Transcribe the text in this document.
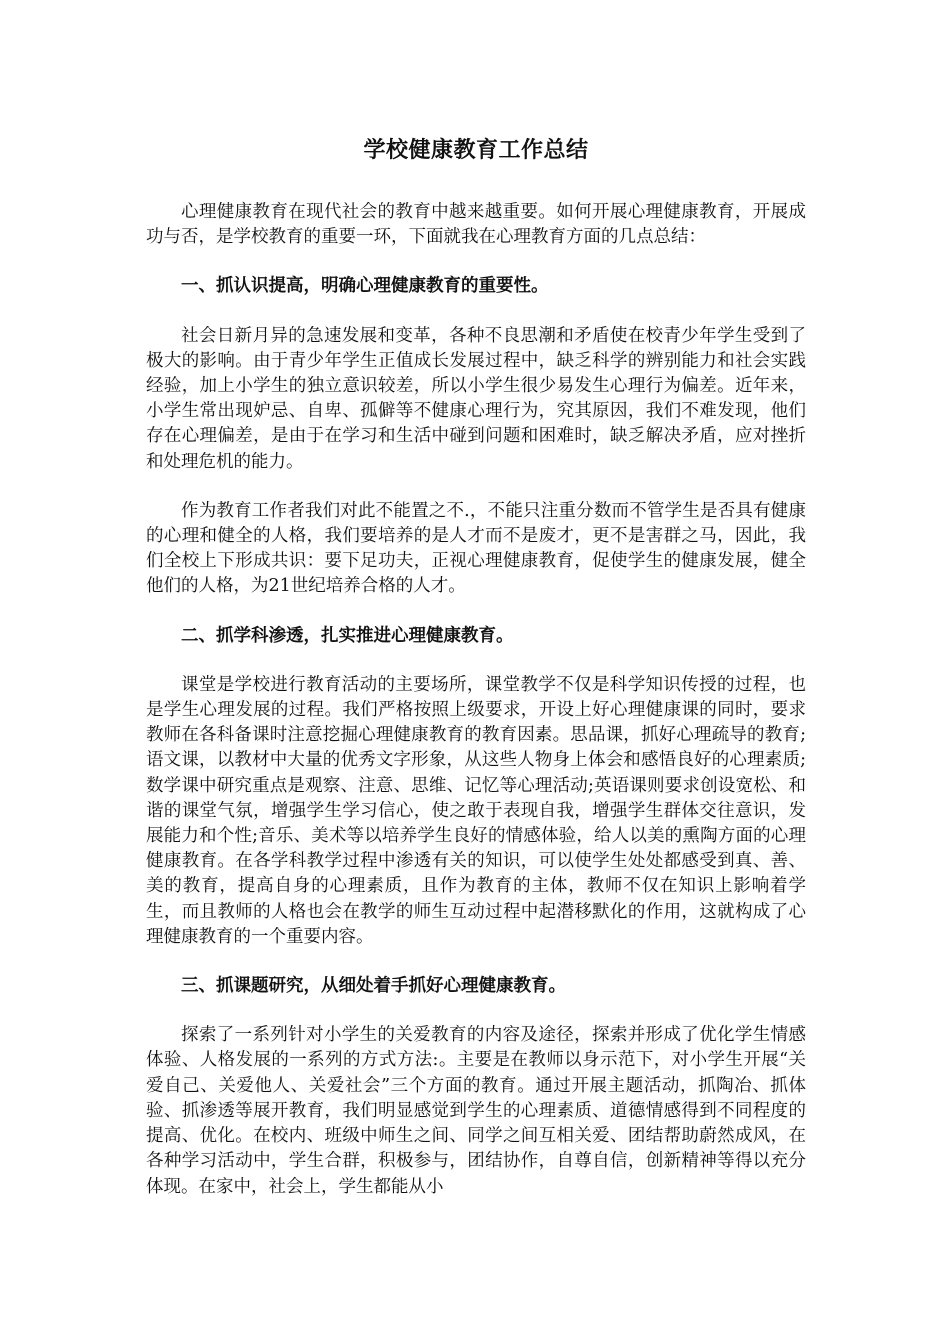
学校健康教育工作总结

心理健康教育在现代社会的教育中越来越重要。如何开展心理健康教育，开展成功与否，是学校教育的重要一环，下面就我在心理教育方面的几点总结：

一、抓认识提高，明确心理健康教育的重要性。

社会日新月异的急速发展和变革，各种不良思潮和矛盾使在校青少年学生受到了极大的影响。由于青少年学生正值成长发展过程中，缺乏科学的辨别能力和社会实践经验，加上小学生的独立意识较差，所以小学生很少易发生心理行为偏差。近年来，小学生常出现妒忌、自卑、孤僻等不健康心理行为，究其原因，我们不难发现，他们存在心理偏差，是由于在学习和生活中碰到问题和困难时，缺乏解决矛盾，应对挫折和处理危机的能力。

作为教育工作者我们对此不能置之不.，不能只注重分数而不管学生是否具有健康的心理和健全的人格，我们要培养的是人才而不是废才，更不是害群之马，因此，我们全校上下形成共识：要下足功夫，正视心理健康教育，促使学生的健康发展，健全他们的人格，为21世纪培养合格的人才。

二、抓学科渗透，扎实推进心理健康教育。

课堂是学校进行教育活动的主要场所，课堂教学不仅是科学知识传授的过程，也是学生心理发展的过程。我们严格按照上级要求，开设上好心理健康课的同时，要求教师在各科备课时注意挖掘心理健康教育的教育因素。思品课，抓好心理疏导的教育;语文课，以教材中大量的优秀文字形象，从这些人物身上体会和感悟良好的心理素质;数学课中研究重点是观察、注意、思维、记忆等心理活动;英语课则要求创设宽松、和谐的课堂气氛，增强学生学习信心，使之敢于表现自我，增强学生群体交往意识，发展能力和个性;音乐、美术等以培养学生良好的情感体验，给人以美的熏陶方面的心理健康教育。在各学科教学过程中渗透有关的知识，可以使学生处处都感受到真、善、美的教育，提高自身的心理素质，且作为教育的主体，教师不仅在知识上影响着学生，而且教师的人格也会在教学的师生互动过程中起潜移默化的作用，这就构成了心理健康教育的一个重要内容。

三、抓课题研究，从细处着手抓好心理健康教育。

探索了一系列针对小学生的关爱教育的内容及途径，探索并形成了优化学生情感体验、人格发展的一系列的方式方法:。主要是在教师以身示范下，对小学生开展“关爱自己、关爱他人、关爱社会”三个方面的教育。通过开展主题活动，抓陶冶、抓体验、抓渗透等展开教育，我们明显感觉到学生的心理素质、道德情感得到不同程度的提高、优化。在校内、班级中师生之间、同学之间互相关爱、团结帮助蔚然成风，在各种学习活动中，学生合群，积极参与，团结协作，自尊自信，创新精神等得以充分体现。在家中，社会上，学生都能从小
